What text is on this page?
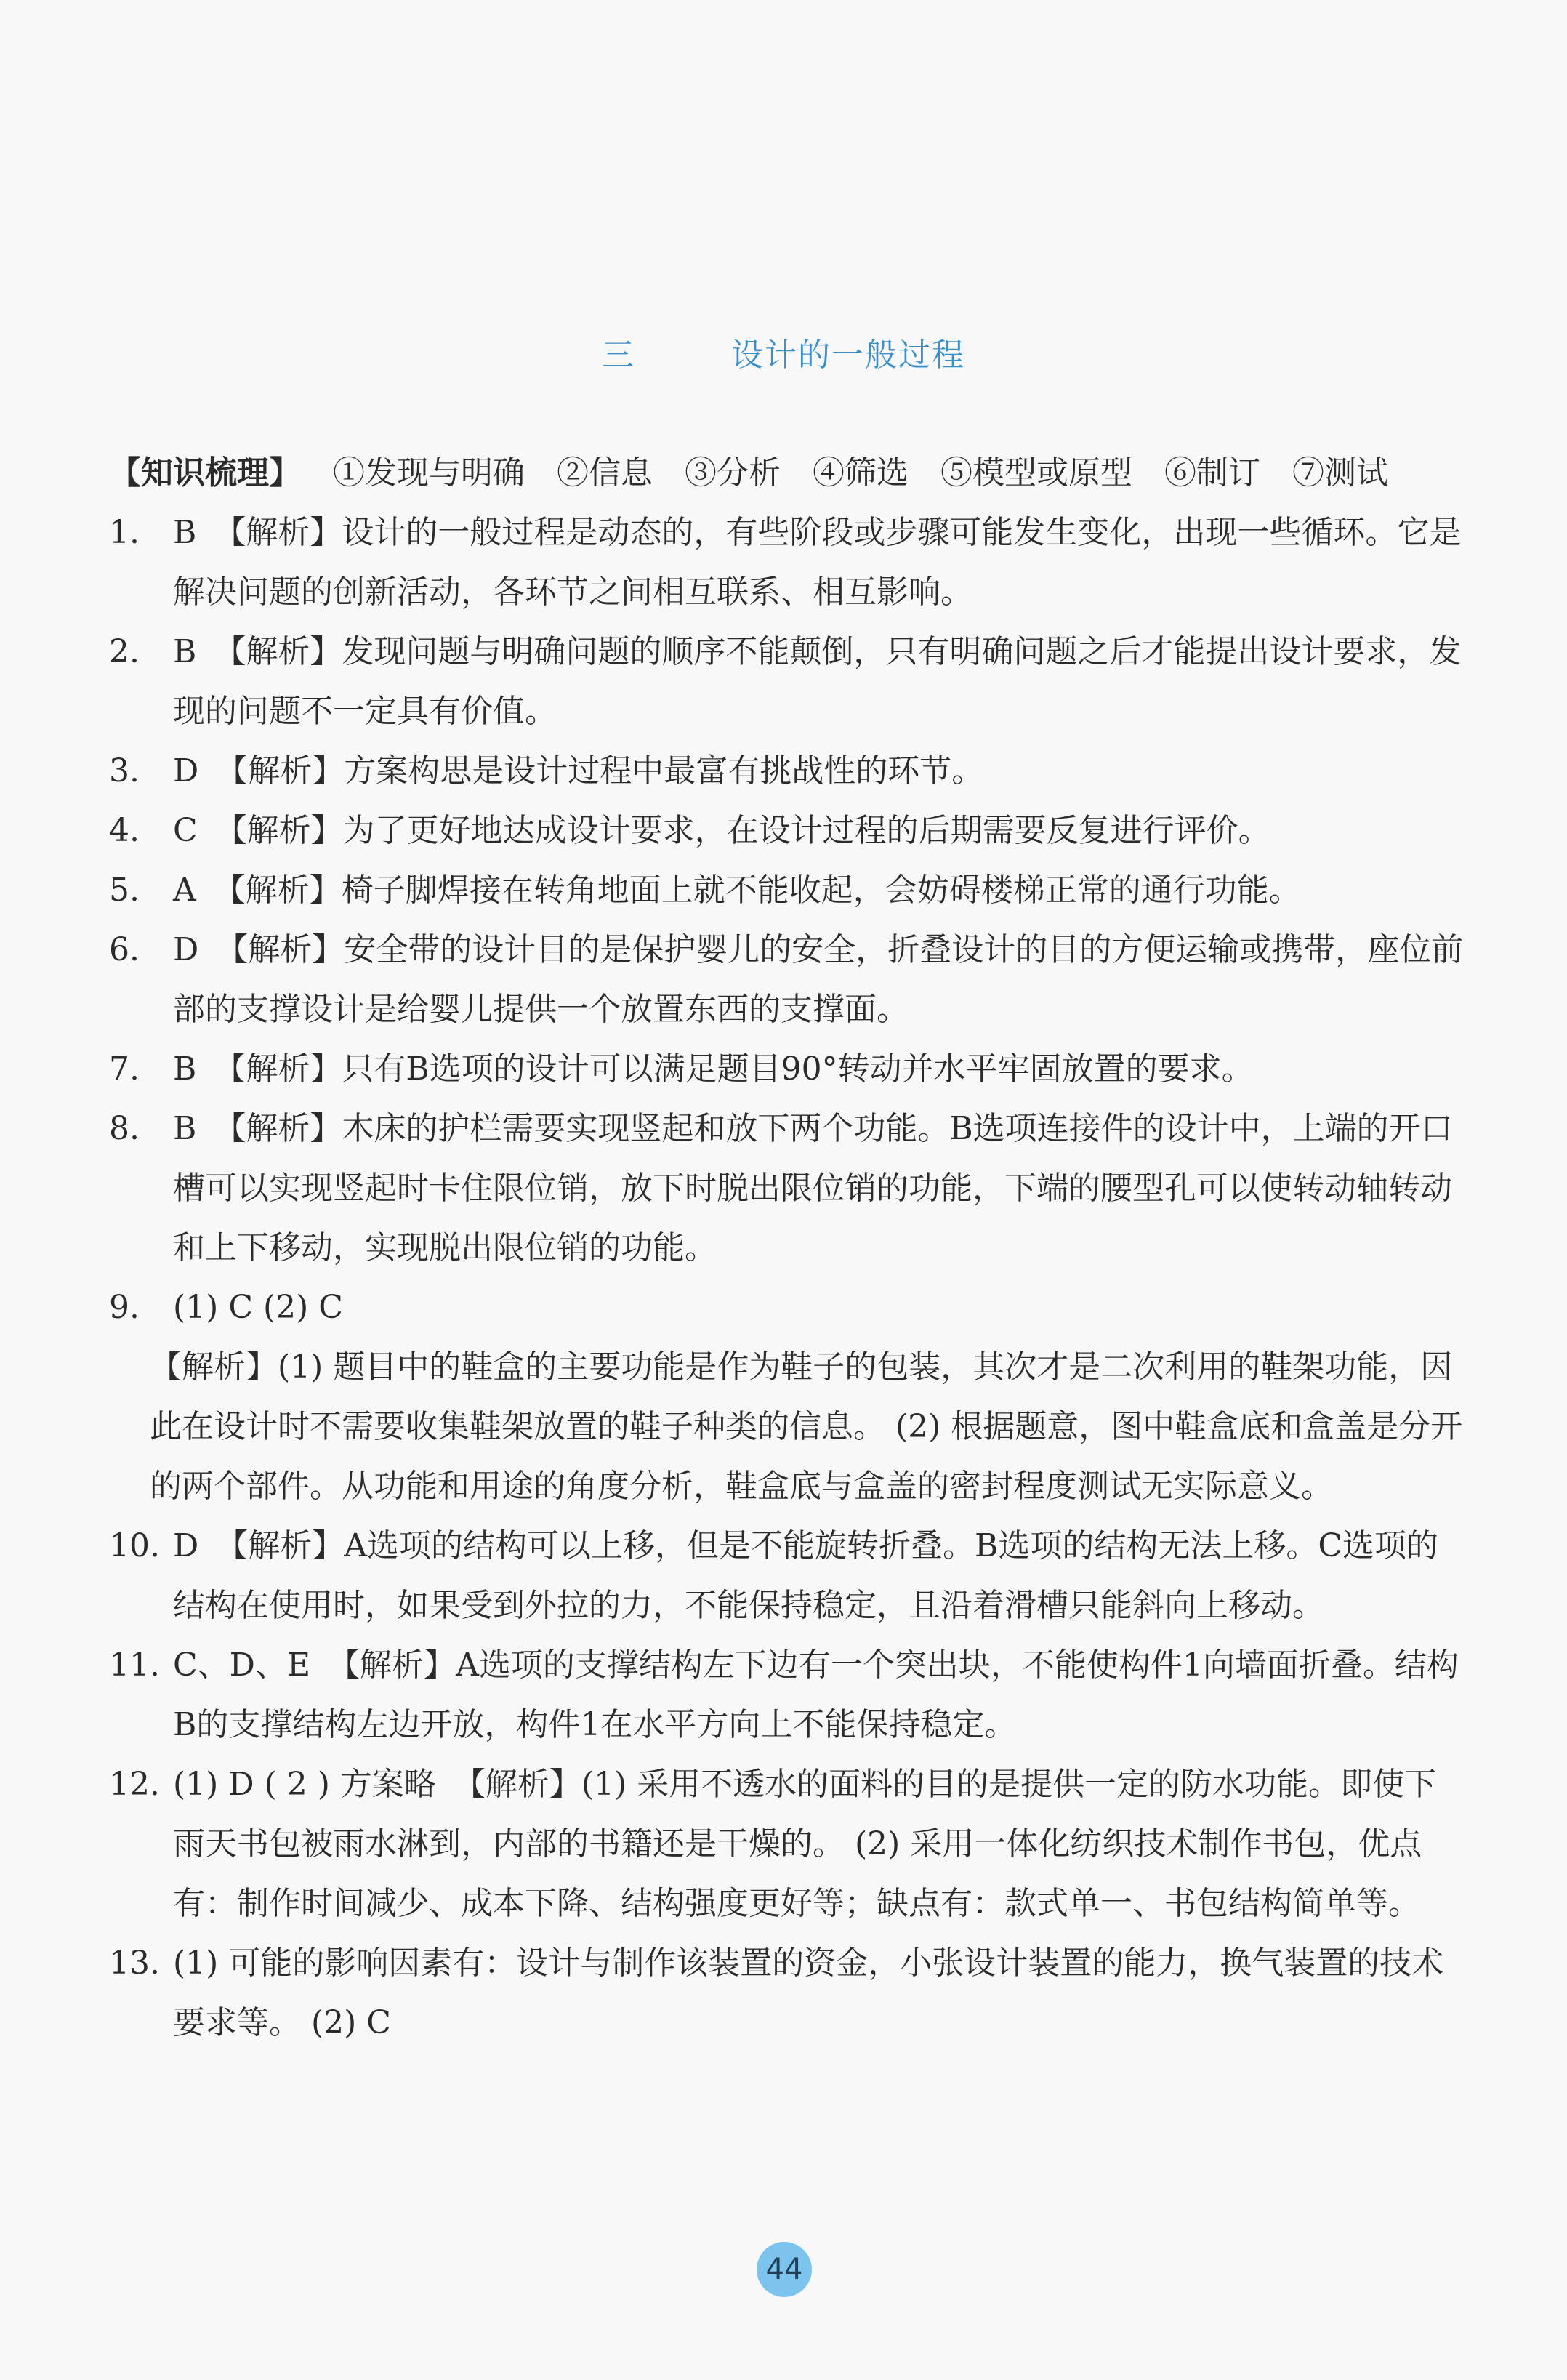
三   设计的一般过程
【知识梳理】 ①发现与明确 ②信息 ③分析 ④筛选 ⑤模型或原型 ⑥制订 ⑦测试
1. B 【解析】设计的一般过程是动态的，有些阶段或步骤可能发生变化，出现一些循环。它是解决问题的创新活动，各环节之间相互联系、相互影响。
2. B 【解析】发现问题与明确问题的顺序不能颠倒，只有明确问题之后才能提出设计要求，发现的问题不一定具有价值。
3. D 【解析】方案构思是设计过程中最富有挑战性的环节。
4. C 【解析】为了更好地达成设计要求，在设计过程的后期需要反复进行评价。
5. A 【解析】椅子脚焊接在转角地面上就不能收起，会妨碍楼梯正常的通行功能。
6. D 【解析】安全带的设计目的是保护婴儿的安全，折叠设计的目的方便运输或携带，座位前部的支撑设计是给婴儿提供一个放置东西的支撑面。
7. B 【解析】只有B选项的设计可以满足题目90°转动并水平牢固放置的要求。
8. B 【解析】木床的护栏需要实现竖起和放下两个功能。B选项连接件的设计中，上端的开口槽可以实现竖起时卡住限位销，放下时脱出限位销的功能，下端的腰型孔可以使转动轴转动和上下移动，实现脱出限位销的功能。
9. (1) C (2) C
【解析】(1) 题目中的鞋盒的主要功能是作为鞋子的包装，其次才是二次利用的鞋架功能，因此在设计时不需要收集鞋架放置的鞋子种类的信息。 (2) 根据题意，图中鞋盒底和盒盖是分开的两个部件。从功能和用途的角度分析，鞋盒底与盒盖的密封程度测试无实际意义。
10. D 【解析】A选项的结构可以上移，但是不能旋转折叠。B选项的结构无法上移。C选项的结构在使用时，如果受到外拉的力，不能保持稳定，且沿着滑槽只能斜向上移动。
11. C、D、E 【解析】A选项的支撑结构左下边有一个突出块，不能使构件1向墙面折叠。结构B的支撑结构左边开放，构件1在水平方向上不能保持稳定。
12. (1) D ( 2 ) 方案略 【解析】(1) 采用不透水的面料的目的是提供一定的防水功能。即使下雨天书包被雨水淋到，内部的书籍还是干燥的。 (2) 采用一体化纺织技术制作书包，优点有：制作时间减少、成本下降、结构强度更好等；缺点有：款式单一、书包结构简单等。
13. (1) 可能的影响因素有：设计与制作该装置的资金，小张设计装置的能力，换气装置的技术要求等。 (2) C
44
